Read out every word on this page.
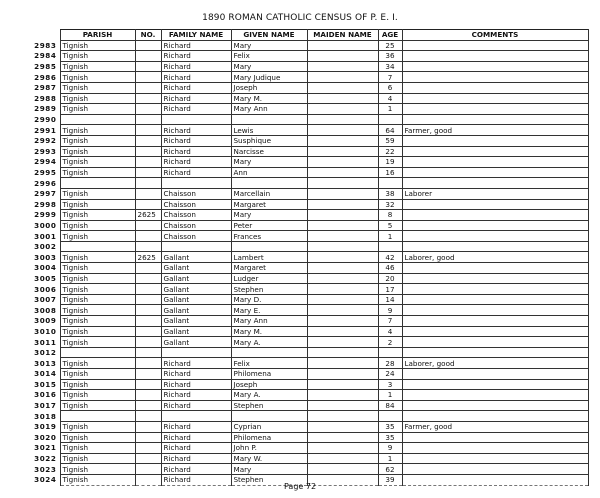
1890 ROMAN CATHOLIC CENSUS OF P. E. I.
	PARISH	NO.	FAMILY NAME	GIVEN NAME	MAIDEN NAME	AGE	COMMENTS
2983	Tignish		Richard	Mary		25	
2984	Tignish		Richard	Felix		36	
2985	Tignish		Richard	Mary		34	
2986	Tignish		Richard	Mary Judique		7	
2987	Tignish		Richard	Joseph		6	
2988	Tignish		Richard	Mary M.		4	
2989	Tignish		Richard	Mary Ann		1	
2990							
2991	Tignish		Richard	Lewis		64	Farmer, good
2992	Tignish		Richard	Susphique		59	
2993	Tignish		Richard	Narcisse		22	
2994	Tignish		Richard	Mary		19	
2995	Tignish		Richard	Ann		16	
2996							
2997	Tignish		Chaisson	Marcellain		38	Laborer
2998	Tignish		Chaisson	Margaret		32	
2999	Tignish	2625	Chaisson	Mary		8	
3000	Tignish		Chaisson	Peter		5	
3001	Tignish		Chaisson	Frances		1	
3002							
3003	Tignish	2625	Gallant	Lambert		42	Laborer, good
3004	Tignish		Gallant	Margaret		46	
3005	Tignish		Gallant	Ludger		20	
3006	Tignish		Gallant	Stephen		17	
3007	Tignish		Gallant	Mary D.		14	
3008	Tignish		Gallant	Mary E.		9	
3009	Tignish		Gallant	Mary Ann		7	
3010	Tignish		Gallant	Mary M.		4	
3011	Tignish		Gallant	Mary A.		2	
3012							
3013	Tignish		Richard	Felix		28	Laborer, good
3014	Tignish		Richard	Philomena		24	
3015	Tignish		Richard	Joseph		3	
3016	Tignish		Richard	Mary A.		1	
3017	Tignish		Richard	Stephen		84	
3018							
3019	Tignish		Richard	Cyprian		35	Farmer, good
3020	Tignish		Richard	Philomena		35	
3021	Tignish		Richard	John P.		9	
3022	Tignish		Richard	Mary W.		1	
3023	Tignish		Richard	Mary		62	
3024	Tignish		Richard	Stephen		39	
Page 72
